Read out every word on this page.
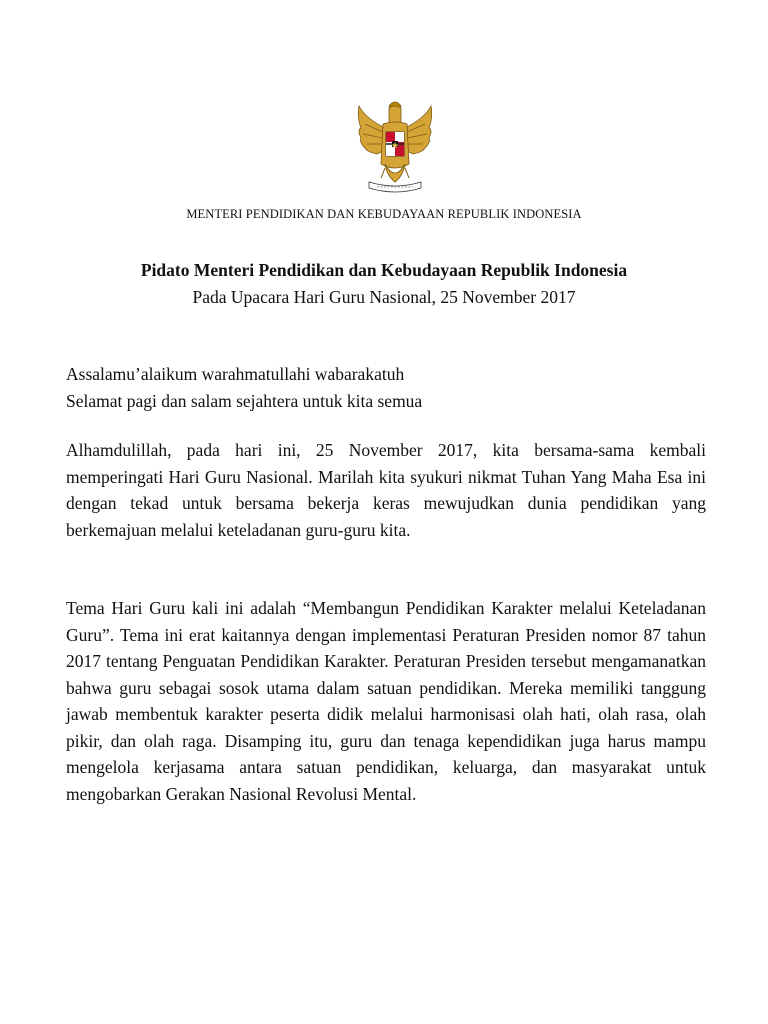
MENTERI PENDIDIKAN DAN KEBUDAYAAN REPUBLIK INDONESIA
Pidato Menteri Pendidikan dan Kebudayaan Republik Indonesia
Pada Upacara Hari Guru Nasional, 25 November 2017
Assalamu’alaikum warahmatullahi wabarakatuh
Selamat pagi dan salam sejahtera untuk kita semua

Alhamdulillah, pada hari ini, 25 November 2017, kita bersama-sama kembali memperingati Hari Guru Nasional. Marilah kita syukuri nikmat Tuhan Yang Maha Esa ini dengan tekad untuk bersama bekerja keras mewujudkan dunia pendidikan yang berkemajuan melalui keteladanan guru-guru kita.

Tema Hari Guru kali ini adalah “Membangun Pendidikan Karakter melalui Keteladanan Guru”. Tema ini erat kaitannya dengan implementasi Peraturan Presiden nomor 87 tahun 2017 tentang Penguatan Pendidikan Karakter. Peraturan Presiden tersebut mengamanatkan bahwa guru sebagai sosok utama dalam satuan pendidikan. Mereka memiliki tanggung jawab membentuk karakter peserta didik melalui harmonisasi olah hati, olah rasa, olah pikir, dan olah raga. Disamping itu, guru dan tenaga kependidikan juga harus mampu mengelola kerjasama antara satuan pendidikan, keluarga, dan masyarakat untuk mengobarkan Gerakan Nasional Revolusi Mental.
